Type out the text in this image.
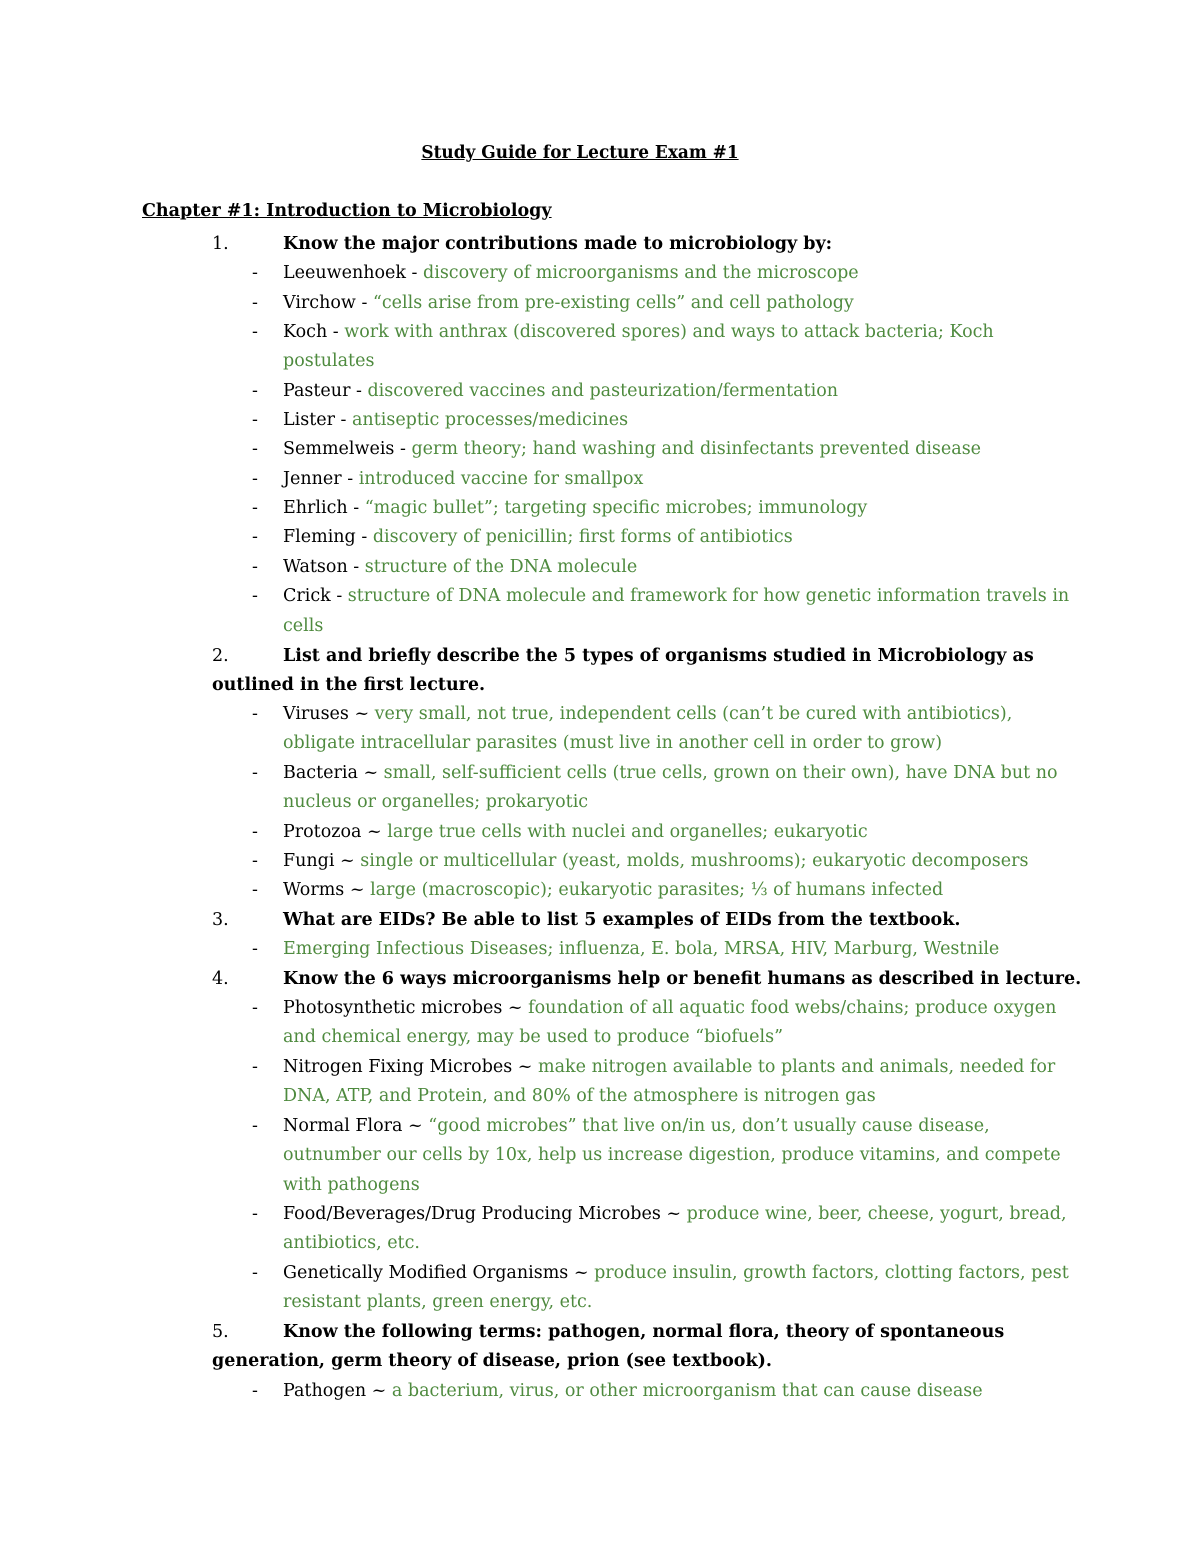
Study Guide for Lecture Exam #1
Chapter #1: Introduction to Microbiology
1.	Know the major contributions made to microbiology by:
- Leeuwenhoek - discovery of microorganisms and the microscope
- Virchow - “cells arise from pre-existing cells” and cell pathology
- Koch - work with anthrax (discovered spores) and ways to attack bacteria; Koch
postulates
- Pasteur - discovered vaccines and pasteurization/fermentation
- Lister - antiseptic processes/medicines
- Semmelweis - germ theory; hand washing and disinfectants prevented disease
- Jenner - introduced vaccine for smallpox
- Ehrlich - “magic bullet”; targeting specific microbes; immunology
- Fleming - discovery of penicillin; first forms of antibiotics
- Watson - structure of the DNA molecule
- Crick - structure of DNA molecule and framework for how genetic information travels in
cells
2.	List and briefly describe the 5 types of organisms studied in Microbiology as
outlined in the first lecture.
- Viruses ~ very small, not true, independent cells (can’t be cured with antibiotics),
obligate intracellular parasites (must live in another cell in order to grow)
- Bacteria ~ small, self-sufficient cells (true cells, grown on their own), have DNA but no
nucleus or organelles; prokaryotic
- Protozoa ~ large true cells with nuclei and organelles; eukaryotic
- Fungi ~ single or multicellular (yeast, molds, mushrooms); eukaryotic decomposers
- Worms ~ large (macroscopic); eukaryotic parasites; ⅓ of humans infected
3.	What are EIDs? Be able to list 5 examples of EIDs from the textbook.
- Emerging Infectious Diseases; influenza, E. bola, MRSA, HIV, Marburg, Westnile
4.	Know the 6 ways microorganisms help or benefit humans as described in lecture.
- Photosynthetic microbes ~ foundation of all aquatic food webs/chains; produce oxygen
and chemical energy, may be used to produce “biofuels”
- Nitrogen Fixing Microbes ~ make nitrogen available to plants and animals, needed for
DNA, ATP, and Protein, and 80% of the atmosphere is nitrogen gas
- Normal Flora ~ “good microbes” that live on/in us, don’t usually cause disease,
outnumber our cells by 10x, help us increase digestion, produce vitamins, and compete
with pathogens
- Food/Beverages/Drug Producing Microbes ~ produce wine, beer, cheese, yogurt, bread,
antibiotics, etc.
- Genetically Modified Organisms ~ produce insulin, growth factors, clotting factors, pest
resistant plants, green energy, etc.
5.	Know the following terms: pathogen, normal flora, theory of spontaneous
generation, germ theory of disease, prion (see textbook).
- Pathogen ~ a bacterium, virus, or other microorganism that can cause disease
